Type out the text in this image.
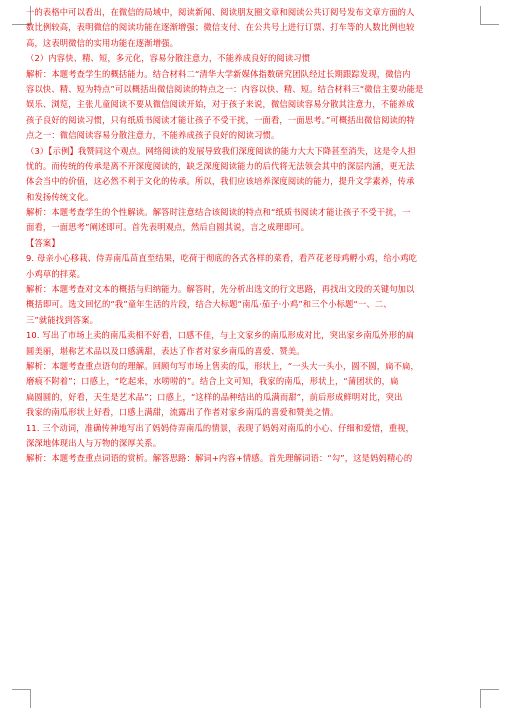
一的表格中可以看出，在微信的局域中，阅读新闻、阅读朋友圈文章和阅读公共订阅号发布文章方面的人
数比例较高，表明微信的阅读功能在逐渐增强；微信支付、在公共号上进行订票、打车等的人数比例也较
高，这表明微信的实用功能在逐渐增强。
（2）内容快、精、短，多元化，容易分散注意力，不能养成良好的阅读习惯
解析：本题考查学生的概括能力。结合材料二“清华大学新媒体指数研究团队经过长期跟踪发现，微信内
容以快、精、短为特点”可以概括出微信阅读的特点之一：内容以快、精、短。结合材料三“微信主要功能是
娱乐、浏览，主张儿童阅读不要从微信阅读开始，对于孩子来说，微信阅读容易分散其注意力，不能养成
孩子良好的阅读习惯，只有纸质书阅读才能让孩子不受干扰，一面看，一面思考。”可概括出微信阅读的特
点之一：微信阅读容易分散注意力，不能养成孩子良好的阅读习惯。
（3）【示例】我赞同这个观点。网络阅读的发展导致我们深度阅读的能力大大下降甚至消失，这是令人担
忧的。而传统的传承是离不开深度阅读的，缺乏深度阅读能力的后代将无法领会其中的深层内涵，更无法
体会当中的价值，这必然不利于文化的传承。所以，我们应该培养深度阅读的能力，提升文学素养，传承
和发扬传统文化。
解析：本题考查学生的个性解读。解答时注意结合该阅读的特点和“纸质书阅读才能让孩子不受干扰，一
面看，一面思考”阐述即可。首先表明观点，然后自圆其说，言之成理即可。
【答案】
9. 母亲小心移栽、侍弄南瓜苗直至结果，吃荷于彻底的各式各样的菜肴，看芦花老母鸡孵小鸡，给小鸡吃
小鸡草的拌菜。
解析：本题考查对文本的概括与归纳能力。解答时，先分析出选文的行文思路，再找出文段的关键句加以
概括即可。选文回忆的“我”童年生活的片段，结合大标题“南瓜·茄子·小鸡”和三个小标题“一、二、
三”就能找到答案。
10. 写出了市场上卖的南瓜卖相不好看，口感不佳，与上文家乡的南瓜形成对比，突出家乡南瓜外形的扁
圆美丽，堪称艺术品以及口感满甜，表达了作者对家乡南瓜的喜爱、赞美。
解析：本题考查重点语句的理解。回顾句写市场上售卖的瓜，形状上，“一头大一头小，圆不圆，扁不扁，
磨痕不附着”；口感上，“吃起来，水唠唠的”。结合上文可知，我家的南瓜，形状上，“蒲团状的，扁
扁圆圆的，好看，天生是艺术品”；口感上，“这样的品种结出的瓜满而甜”，前后形成鲜明对比，突出
我家的南瓜形状上好看，口感上满甜，流露出了作者对家乡南瓜的喜爱和赞美之情。
11. 三个动词，准确传神地写出了妈妈侍弄南瓜的情景，表现了妈妈对南瓜的小心、仔细和爱惜，重视，
深深地体现出人与万物的深厚关系。
解析：本题考查重点词语的赏析。解答思路：解词+内容+情感。首先理解词语：“勾”，这是妈妈精心的
